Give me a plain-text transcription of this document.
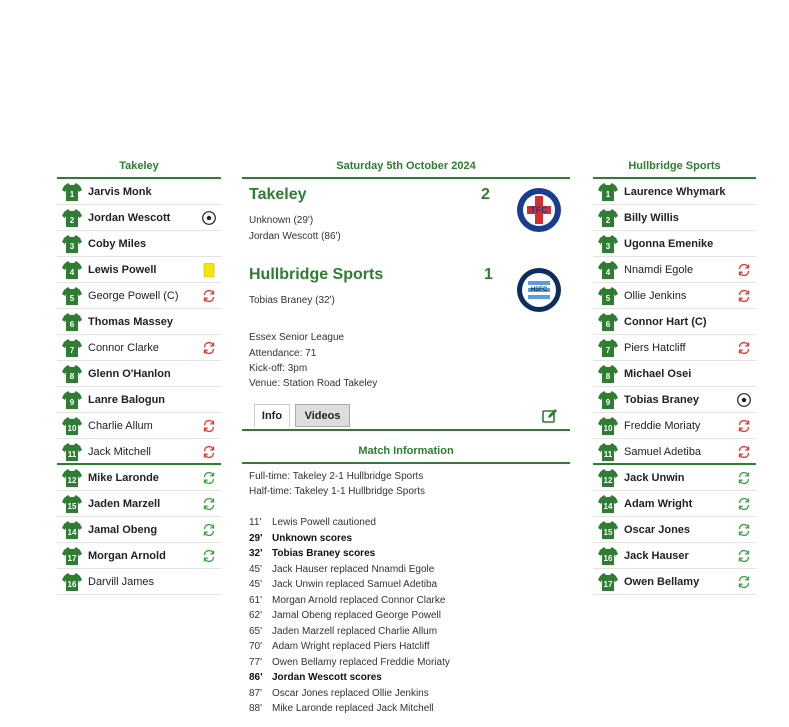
Takeley
1 Jarvis Monk
2 Jordan Wescott
3 Coby Miles
4 Lewis Powell
5 George Powell (C)
6 Thomas Massey
7 Connor Clarke
8 Glenn O'Hanlon
9 Lanre Balogun
10 Charlie Allum
11 Jack Mitchell
12 Mike Laronde
15 Jaden Marzell
14 Jamal Obeng
17 Morgan Arnold
16 Darvill James
Saturday 5th October 2024
Takeley	2
Unknown (29')
Jordan Wescott (86')
TFC
Hullbridge Sports	1
Tobias Braney (32')
HSFC
Essex Senior League
Attendance: 71
Kick-off: 3pm
Venue: Station Road Takeley
Info	Videos
Match Information
Full-time: Takeley 2-1 Hullbridge Sports
Half-time: Takeley 1-1 Hullbridge Sports
11'	Lewis Powell cautioned
29' Unknown scores
32' Tobias Braney scores
45' Jack Hauser replaced Nnamdi Egole
45' Jack Unwin replaced Samuel Adetiba
61' Morgan Arnold replaced Connor Clarke
62' Jamal Obeng replaced George Powell
65' Jaden Marzell replaced Charlie Allum
70' Adam Wright replaced Piers Hatcliff
77' Owen Bellamy replaced Freddie Moriaty
86' Jordan Wescott scores
87' Oscar Jones replaced Ollie Jenkins
88' Mike Laronde replaced Jack Mitchell
Hullbridge Sports
1 Laurence Whymark
2 Billy Willis
3 Ugonna Emenike
4 Nnamdi Egole
5 Ollie Jenkins
6 Connor Hart (C)
7 Piers Hatcliff
8 Michael Osei
9 Tobias Braney
10 Freddie Moriaty
11 Samuel Adetiba
12 Jack Unwin
14 Adam Wright
15 Oscar Jones
16 Jack Hauser
17 Owen Bellamy
